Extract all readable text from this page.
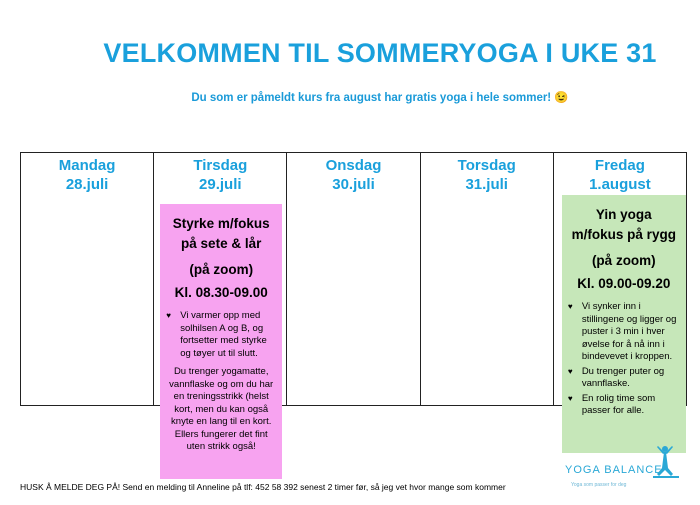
VELKOMMEN TIL SOMMERYOGA I UKE 31
Du som er påmeldt kurs fra august har gratis yoga i hele sommer! 😉
Mandag
28.juli
Tirsdag
29.juli
Styrke m/fokus
på sete & lår
(på zoom)
Kl. 08.30-09.00
♥ Vi varmer opp med solhilsen A og B, og fortsetter med styrke og tøyer ut til slutt.
Du trenger yogamatte, vannflaske og om du har en treningsstrikk (helst kort, men du kan også knyte en lang til en kort. Ellers fungerer det fint uten strikk også!
Onsdag
30.juli
Torsdag
31.juli
Fredag
1.august
Yin yoga
m/fokus på rygg
(på zoom)
Kl. 09.00-09.20
♥ Vi synker inn i stillingene og ligger og puster i 3 min i hver øvelse for å nå inn i bindevevet i kroppen.
♥ Du trenger puter og vannflaske.
♥ En rolig time som passer for alle.
HUSK Å MELDE DEG PÅ! Send en melding til Anneline på tlf: 452 58 392 senest 2 timer før, så jeg vet hvor mange som kommer
YOGA BALANCE
Yoga som passer for deg
